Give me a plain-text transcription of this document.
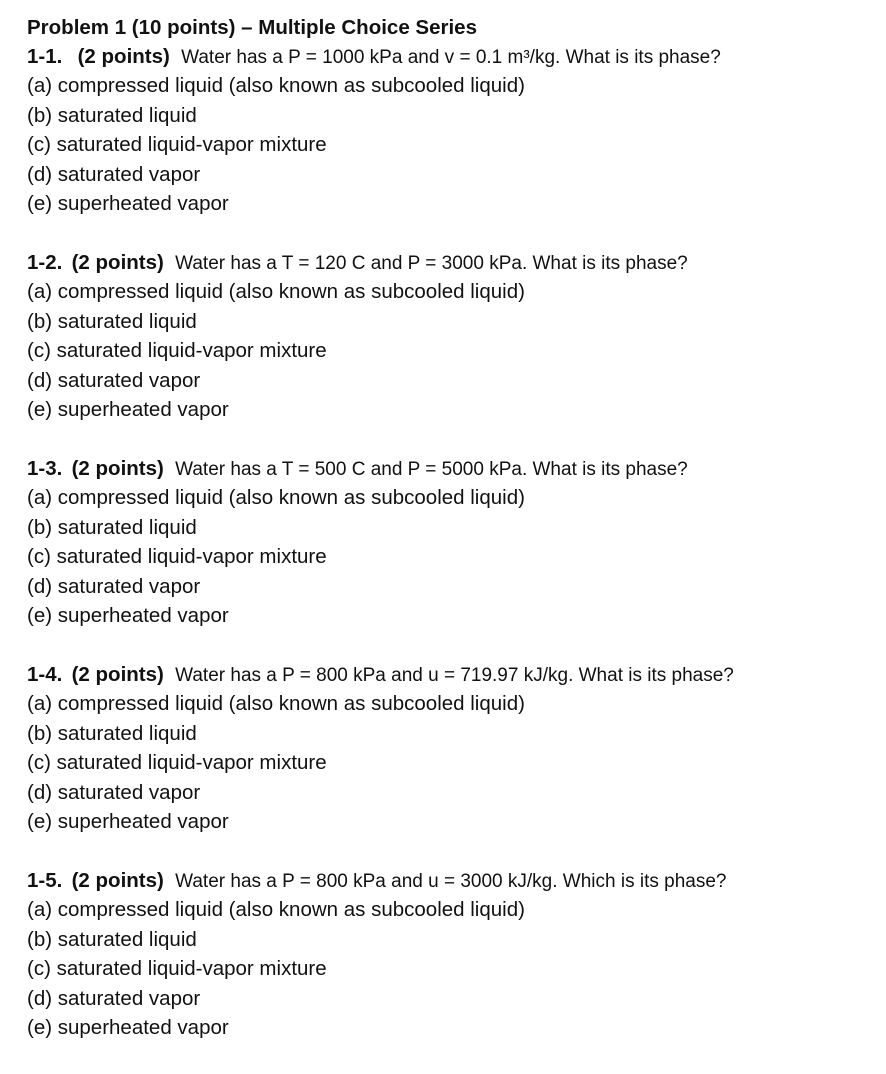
Problem 1 (10 points) – Multiple Choice Series
1-1. (2 points) Water has a P = 1000 kPa and v = 0.1 m³/kg. What is its phase?
(a) compressed liquid (also known as subcooled liquid)
(b) saturated liquid
(c) saturated liquid-vapor mixture
(d) saturated vapor
(e) superheated vapor
1-2. (2 points) Water has a T = 120 C and P = 3000 kPa. What is its phase?
(a) compressed liquid (also known as subcooled liquid)
(b) saturated liquid
(c) saturated liquid-vapor mixture
(d) saturated vapor
(e) superheated vapor
1-3. (2 points) Water has a T = 500 C and P = 5000 kPa. What is its phase?
(a) compressed liquid (also known as subcooled liquid)
(b) saturated liquid
(c) saturated liquid-vapor mixture
(d) saturated vapor
(e) superheated vapor
1-4. (2 points) Water has a P = 800 kPa and u = 719.97 kJ/kg. What is its phase?
(a) compressed liquid (also known as subcooled liquid)
(b) saturated liquid
(c) saturated liquid-vapor mixture
(d) saturated vapor
(e) superheated vapor
1-5. (2 points) Water has a P = 800 kPa and u = 3000 kJ/kg. Which is its phase?
(a) compressed liquid (also known as subcooled liquid)
(b) saturated liquid
(c) saturated liquid-vapor mixture
(d) saturated vapor
(e) superheated vapor
